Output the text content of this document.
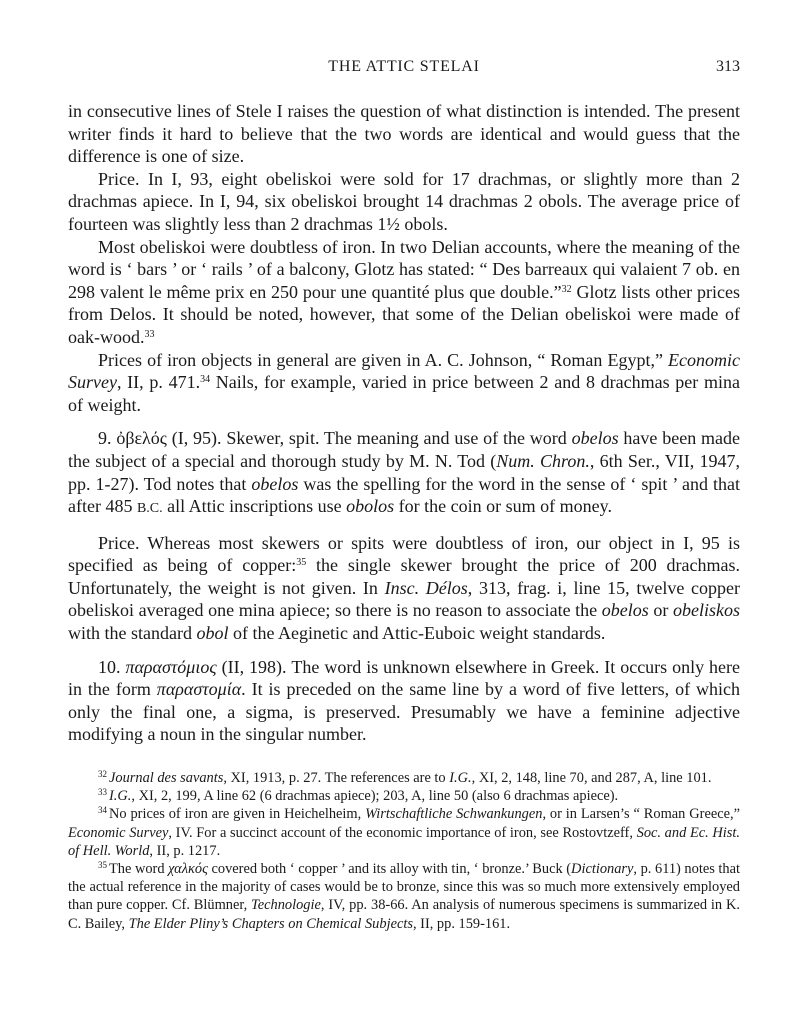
THE ATTIC STELAI	313

in consecutive lines of Stele I raises the question of what distinction is intended. The present writer finds it hard to believe that the two words are identical and would guess that the difference is one of size.

Price. In I, 93, eight obeliskoi were sold for 17 drachmas, or slightly more than 2 drachmas apiece. In I, 94, six obeliskoi brought 14 drachmas 2 obols. The average price of fourteen was slightly less than 2 drachmas 1½ obols.

Most obeliskoi were doubtless of iron. In two Delian accounts, where the meaning of the word is ‘ bars ’ or ‘ rails ’ of a balcony, Glotz has stated: “ Des barreaux qui valaient 7 ob. en 298 valent le même prix en 250 pour une quantité plus que double.”$^{32}$ Glotz lists other prices from Delos. It should be noted, however, that some of the Delian obeliskoi were made of oak-wood.$^{33}$

Prices of iron objects in general are given in A. C. Johnson, “ Roman Egypt,” Economic Survey, II, p. 471.34 Nails, for example, varied in price between 2 and 8 drachmas per mina of weight.

9. ὀβελός (I, 95). Skewer, spit. The meaning and use of the word obelos have been made the subject of a special and thorough study by M. N. Tod (Num. Chron., 6th Ser., VII, 1947, pp. 1-27). Tod notes that obelos was the spelling for the word in the sense of ‘ spit ’ and that after 485 B.C. all Attic inscriptions use obolos for the coin or sum of money.

Price. Whereas most skewers or spits were doubtless of iron, our object in I, 95 is specified as being of copper:$^{35}$ the single skewer brought the price of 200 drachmas. Unfortunately, the weight is not given. In Insc. Délos, 313, frag. i, line 15, twelve copper obeliskoi averaged one mina apiece; so there is no reason to associate the obelos or obeliskos with the standard obol of the Aeginetic and Attic-Euboic weight standards.

10. παραστόμιος (II, 198). The word is unknown elsewhere in Greek. It occurs only here in the form παραστομία. It is preceded on the same line by a word of five letters, of which only the final one, a sigma, is preserved. Presumably we have a feminine adjective modifying a noun in the singular number.

$^{32}$ Journal des savants, XI, 1913, p. 27. The references are to I.G., XI, 2, 148, line 70, and 287, A, line 101.

$^{33}$ I.G., XI, 2, 199, A line 62 (6 drachmas apiece); 203, A, line 50 (also 6 drachmas apiece).

$^{34}$ No prices of iron are given in Heichelheim, Wirtschaftliche Schwankungen, or in Larsen’s “ Roman Greece,” Economic Survey, IV. For a succinct account of the economic importance of iron, see Rostovtzeff, Soc. and Ec. Hist. of Hell. World, II, p. 1217.

$^{35}$ The word χαλκός covered both ‘ copper ’ and its alloy with tin, ‘ bronze.’ Buck (Dictionary, p. 611) notes that the actual reference in the majority of cases would be to bronze, since this was so much more extensively employed than pure copper. Cf. Blümner, Technologie, IV, pp. 38-66. An analysis of numerous specimens is summarized in K. C. Bailey, The Elder Pliny’s Chapters on Chemical Subjects, II, pp. 159-161.
